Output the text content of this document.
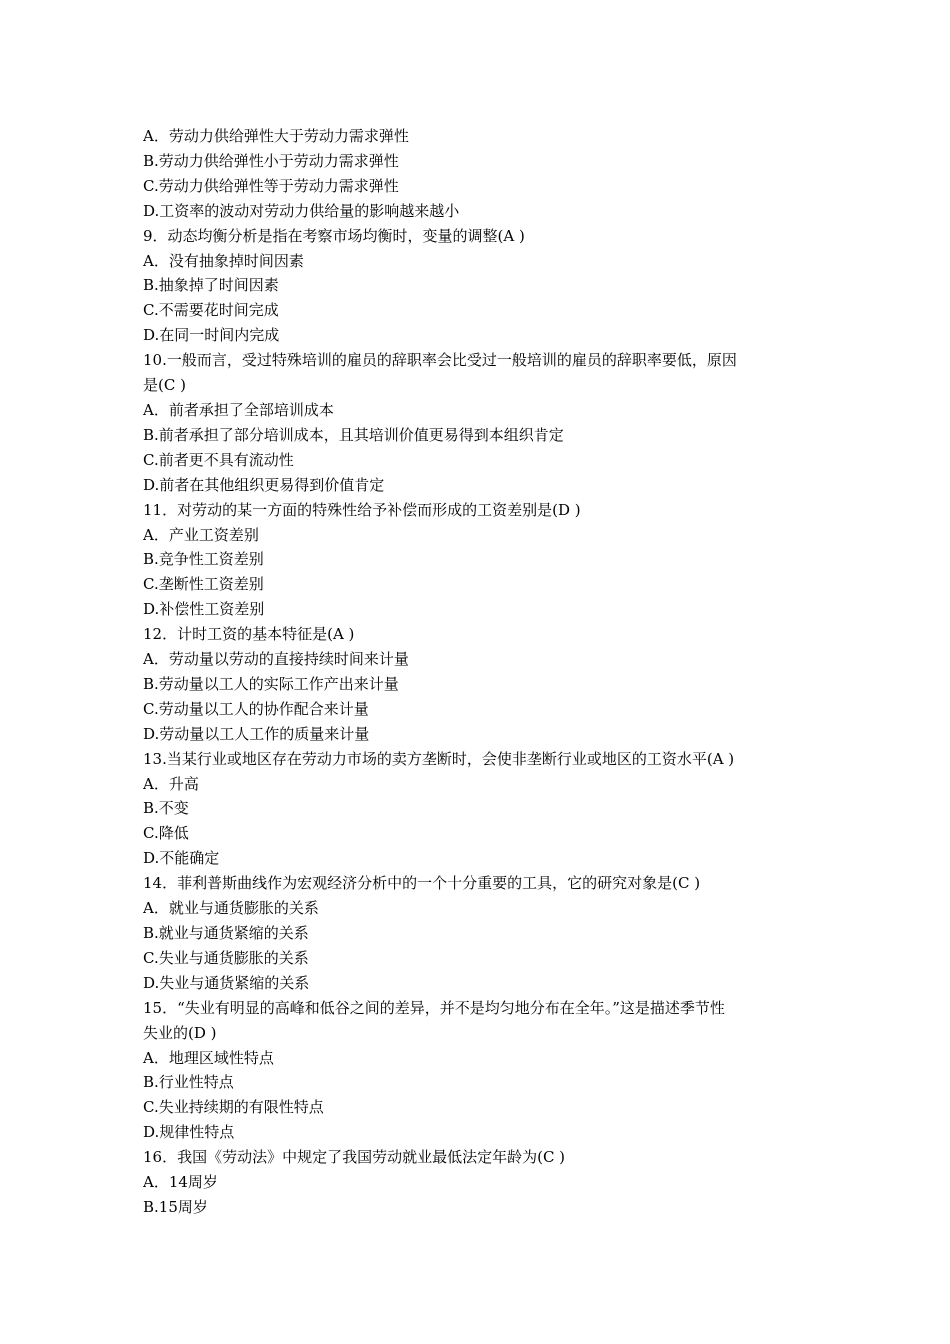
A．劳动力供给弹性大于劳动力需求弹性
B.劳动力供给弹性小于劳动力需求弹性
C.劳动力供给弹性等于劳动力需求弹性
D.工资率的波动对劳动力供给量的影响越来越小
9．动态均衡分析是指在考察市场均衡时，变量的调整(A )
A．没有抽象掉时间因素
B.抽象掉了时间因素
C.不需要花时间完成
D.在同一时间内完成
10.一般而言，受过特殊培训的雇员的辞职率会比受过一般培训的雇员的辞职率要低，原因
是(C )
A．前者承担了全部培训成本
B.前者承担了部分培训成本，且其培训价值更易得到本组织肯定
C.前者更不具有流动性
D.前者在其他组织更易得到价值肯定
11．对劳动的某一方面的特殊性给予补偿而形成的工资差别是(D )
A．产业工资差别
B.竞争性工资差别
C.垄断性工资差别
D.补偿性工资差别
12．计时工资的基本特征是(A )
A．劳动量以劳动的直接持续时间来计量
B.劳动量以工人的实际工作产出来计量
C.劳动量以工人的协作配合来计量
D.劳动量以工人工作的质量来计量
13.当某行业或地区存在劳动力市场的卖方垄断时，会使非垄断行业或地区的工资水平(A )
A．升高
B.不变
C.降低
D.不能确定
14．菲利普斯曲线作为宏观经济分析中的一个十分重要的工具，它的研究对象是(C )
A．就业与通货膨胀的关系
B.就业与通货紧缩的关系
C.失业与通货膨胀的关系
D.失业与通货紧缩的关系
15．“失业有明显的高峰和低谷之间的差异，并不是均匀地分布在全年。”这是描述季节性
失业的(D )
A．地理区域性特点
B.行业性特点
C.失业持续期的有限性特点
D.规律性特点
16．我国《劳动法》中规定了我国劳动就业最低法定年龄为(C )
A．14周岁
B.15周岁
